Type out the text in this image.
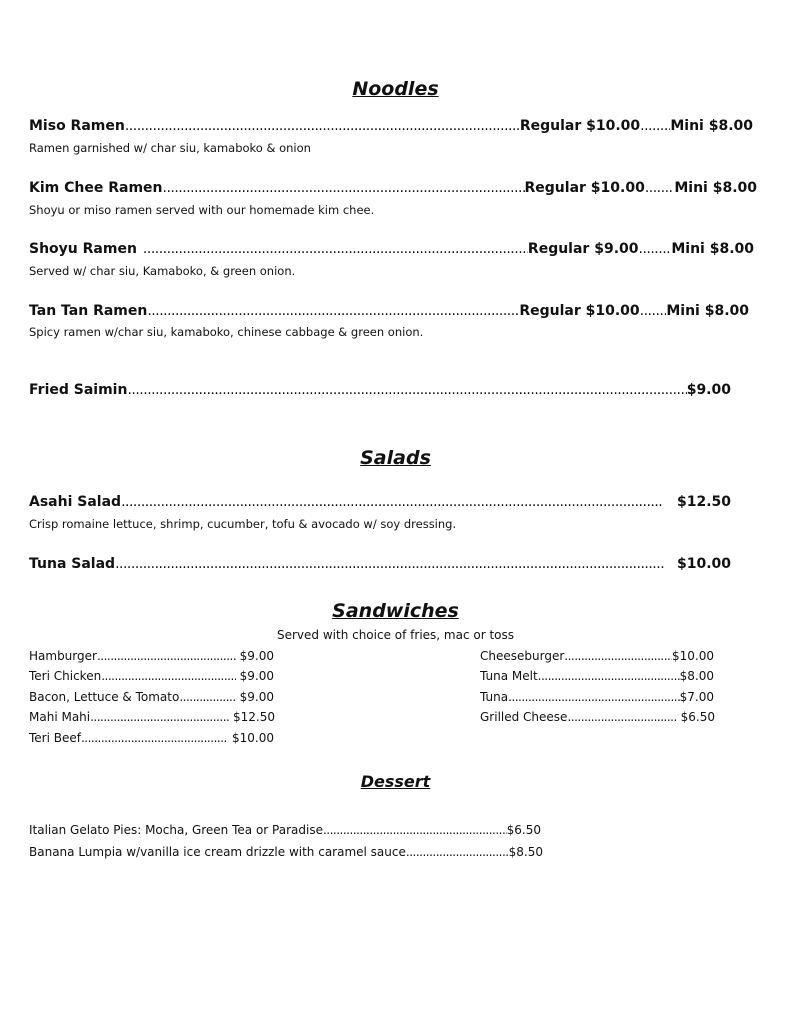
Noodles
Miso Ramen .....	Regular $10.00 ..... Mini $8.00
Ramen garnished w/ char siu, kamaboko & onion
Kim Chee Ramen .....	Regular $10.00 ..... Mini $8.00
Shoyu or miso ramen served with our homemade kim chee.
Shoyu Ramen .....	Regular $9.00 ..... Mini $8.00
Served w/ char siu, Kamaboko, & green onion.
Tan Tan Ramen .....	Regular $10.00 ..... Mini $8.00
Spicy ramen w/char siu, kamaboko, chinese cabbage & green onion.
Fried Saimin .....	$9.00
Salads
Asahi Salad .....	$12.50
Crisp romaine lettuce, shrimp, cucumber, tofu & avocado w/ soy dressing.
Tuna Salad .....	$10.00
Sandwiches
Served with choice of fries, mac or toss
Hamburger .....	$9.00
Teri Chicken .....	$9.00
Bacon, Lettuce & Tomato .....	$9.00
Mahi Mahi .....	$12.50
Teri Beef .....	$10.00
Cheeseburger .....	$10.00
Tuna Melt .....	$8.00
Tuna .....	$7.00
Grilled Cheese .....	$6.50
Dessert
Italian Gelato Pies: Mocha, Green Tea or Paradise .....	$6.50
Banana Lumpia w/vanilla ice cream drizzle with caramel sauce .....	$8.50
